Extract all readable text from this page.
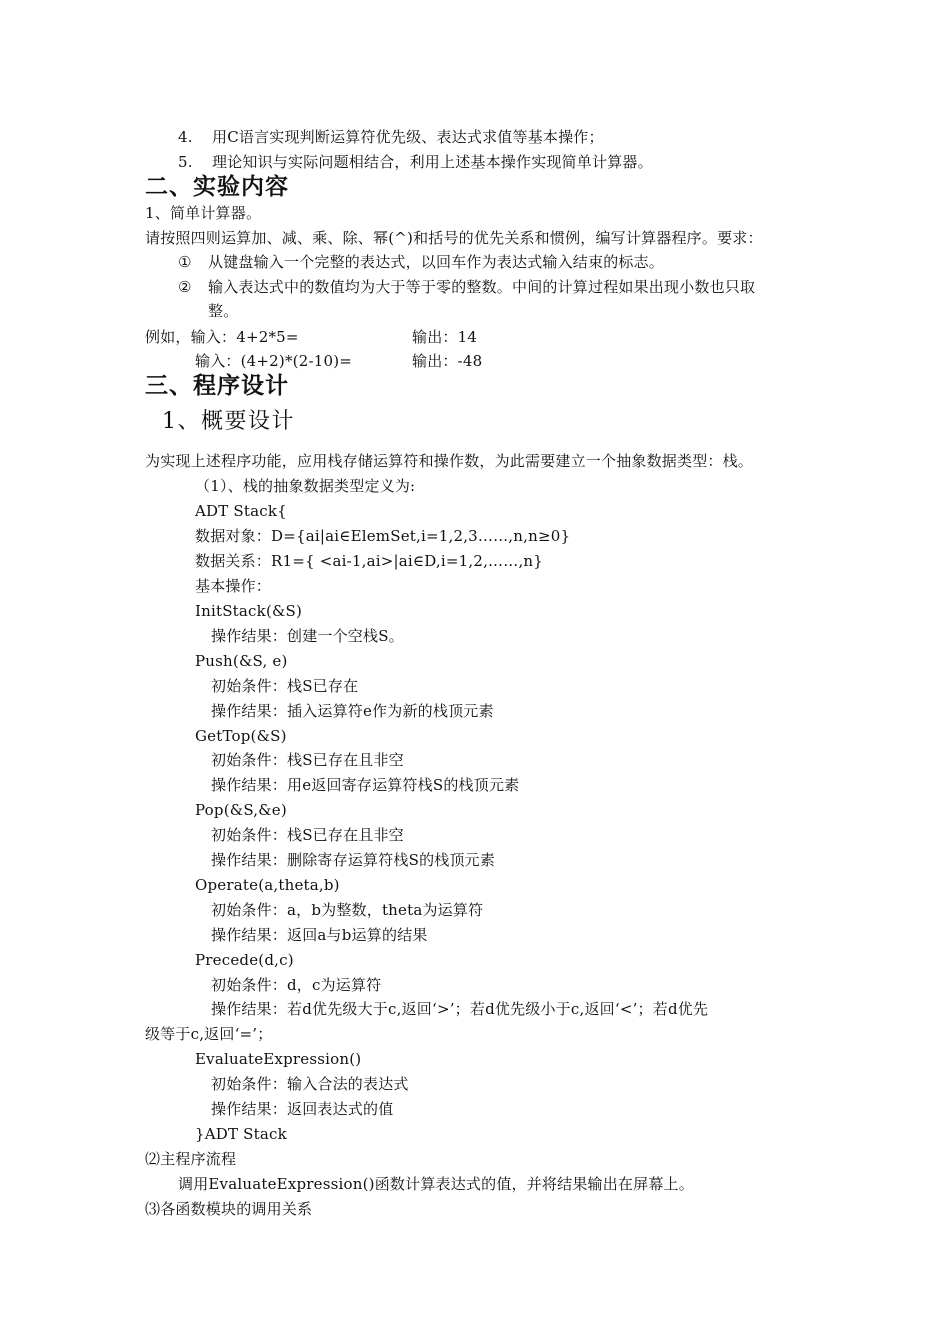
4. 用C语言实现判断运算符优先级、表达式求值等基本操作；
5. 理论知识与实际问题相结合，利用上述基本操作实现简单计算器。
二、实验内容
1、简单计算器。
请按照四则运算加、减、乘、除、幂(^)和括号的优先关系和惯例，编写计算器程序。要求：
① 从键盘输入一个完整的表达式，以回车作为表达式输入结束的标志。
② 输入表达式中的数值均为大于等于零的整数。中间的计算过程如果出现小数也只取
整。
例如，输入：4+2*5=	输出：14
输入：(4+2)*(2-10)=	输出：-48
三、程序设计
1、概要设计
为实现上述程序功能，应用栈存储运算符和操作数，为此需要建立一个抽象数据类型：栈。
（1）、栈的抽象数据类型定义为:
ADT Stack{
数据对象：D={ai|ai∈ElemSet,i=1,2,3……,n,n≥0}
数据关系：R1={ <ai-1,ai>|ai∈D,i=1,2,……,n}
基本操作：
InitStack(&S)
操作结果：创建一个空栈S。
Push(&S, e)
初始条件：栈S已存在
操作结果：插入运算符e作为新的栈顶元素
GetTop(&S)
初始条件：栈S已存在且非空
操作结果：用e返回寄存运算符栈S的栈顶元素
Pop(&S,&e)
初始条件：栈S已存在且非空
操作结果：删除寄存运算符栈S的栈顶元素
Operate(a,theta,b)
初始条件：a，b为整数，theta为运算符
操作结果：返回a与b运算的结果
Precede(d,c)
初始条件：d，c为运算符
操作结果：若d优先级大于c,返回‘>’；若d优先级小于c,返回‘<’；若d优先
级等于c,返回‘=’；
EvaluateExpression()
初始条件：输入合法的表达式
操作结果：返回表达式的值
}ADT Stack
⑵主程序流程
调用EvaluateExpression()函数计算表达式的值，并将结果输出在屏幕上。
⑶各函数模块的调用关系
